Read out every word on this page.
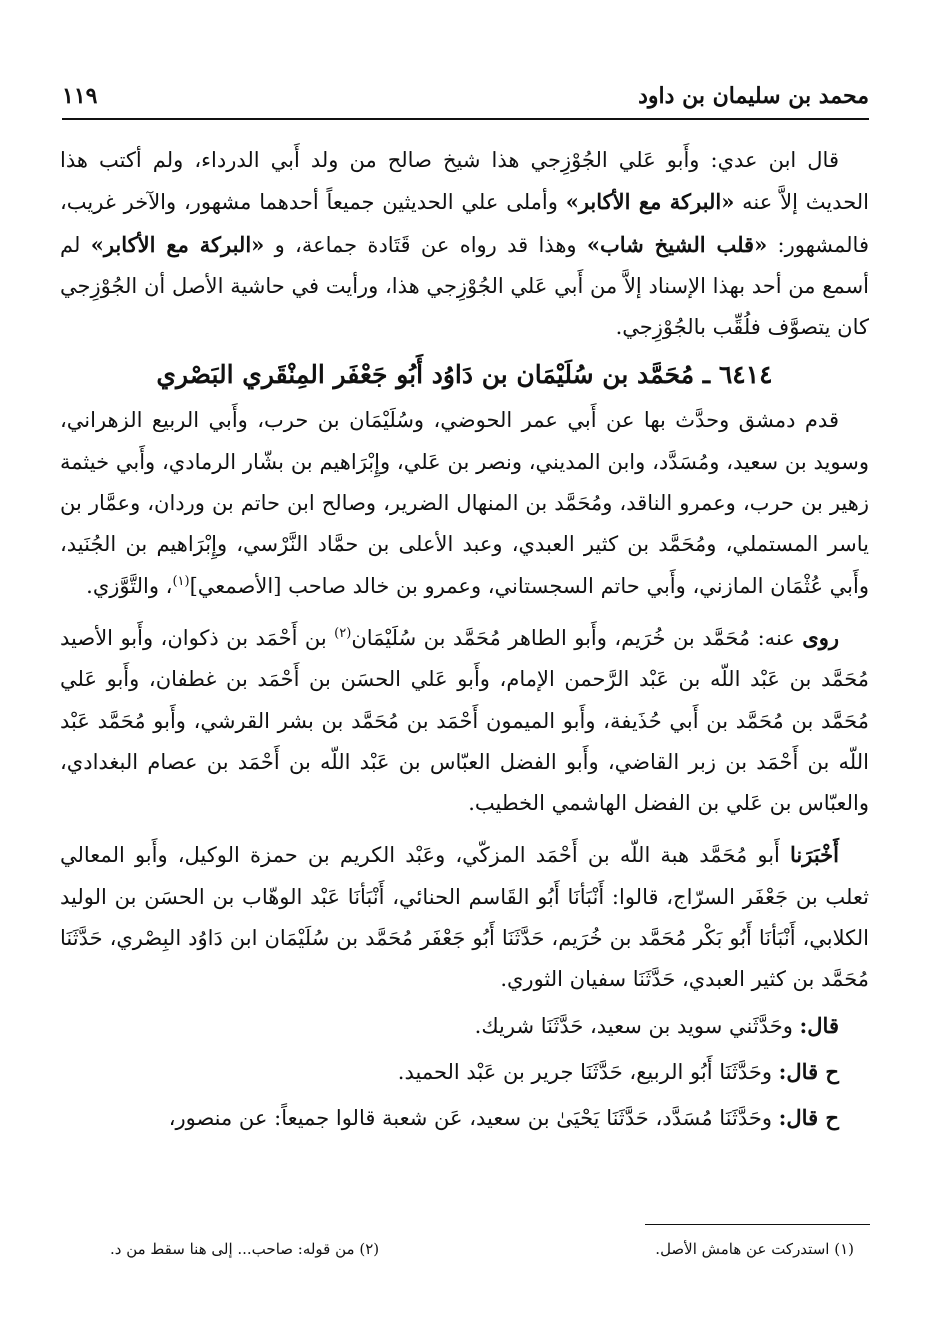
محمد بن سليمان بن داود
١١٩

قال ابن عدي: وأَبو عَلي الجُوْزِجي هذا شيخ صالح من ولد أَبي الدرداء، ولم أكتب هذا الحديث إلاَّ عنه «البركة مع الأكابر» وأملى علي الحديثين جميعاً أحدهما مشهور، والآخر غريب، فالمشهور: «قلب الشيخ شاب» وهذا قد رواه عن قَتَادة جماعة، و «البركة مع الأكابر» لم أسمع من أحد بهذا الإسناد إلاَّ من أَبي عَلي الجُوْزِجي هذا، ورأيت في حاشية الأصل أن الجُوْزِجي كان يتصوَّف فلُقِّب بالجُوْزِجي.

٦٤١٤ ـ مُحَمَّد بن سُلَيْمَان بن دَاوُد أَبُو جَعْفَر المِنْقَري البَصْري

قدم دمشق وحدَّث بها عن أَبي عمر الحوضي، وسُلَيْمَان بن حرب، وأَبي الربيع الزهراني، وسويد بن سعيد، ومُسَدَّد، وابن المديني، ونصر بن عَلي، وإِبْرَاهيم بن بشّار الرمادي، وأَبي خيثمة زهير بن حرب، وعمرو الناقد، ومُحَمَّد بن المنهال الضرير، وصالح ابن حاتم بن وردان، وعمَّار بن ياسر المستملي، ومُحَمَّد بن كثير العبدي، وعبد الأعلى بن حمَّاد النَّرْسي، وإِبْرَاهيم بن الجُنَيد، وأَبي عُثْمَان المازني، وأَبي حاتم السجستاني، وعمرو بن خالد صاحب [الأصمعي]$^{(١)}$، والتَّوَّزي.

روى عنه: مُحَمَّد بن خُرَيم، وأَبو الطاهر مُحَمَّد بن سُلَيْمَان$^{(٢)}$ بن أَحْمَد بن ذكوان، وأَبو الأصيد مُحَمَّد بن عَبْد اللّه بن عَبْد الرَّحمن الإمام، وأَبو عَلي الحسَن بن أَحْمَد بن غطفان، وأَبو عَلي مُحَمَّد بن مُحَمَّد بن أَبي حُذَيفة، وأَبو الميمون أَحْمَد بن مُحَمَّد بن بشر القرشي، وأَبو مُحَمَّد عَبْد اللّه بن أَحْمَد بن زبر القاضي، وأَبو الفضل العبّاس بن عَبْد اللّه بن أَحْمَد بن عصام البغدادي، والعبّاس بن عَلي بن الفضل الهاشمي الخطيب.

أَخْبَرَنا أَبو مُحَمَّد هبة اللّه بن أَحْمَد المزكّي، وعَبْد الكريم بن حمزة الوكيل، وأَبو المعالي ثعلب بن جَعْفَر السرّاج، قالوا: أَنْبَأنَا أَبُو القَاسم الحنائي، أَنْبَأنَا عَبْد الوهّاب بن الحسَن بن الوليد الكلابي، أَنْبَأنَا أَبُو بَكْر مُحَمَّد بن خُرَيم، حَدَّثَنَا أَبُو جَعْفَر مُحَمَّد بن سُلَيْمَان ابن دَاوُد البِصْري، حَدَّثَنَا مُحَمَّد بن كثير العبدي، حَدَّثَنَا سفيان الثوري.

قال: وحَدَّثَني سويد بن سعيد، حَدَّثَنَا شريك.
ح قال: وحَدَّثَنَا أَبُو الربيع، حَدَّثَنَا جرير بن عَبْد الحميد.
ح قال: وحَدَّثَنَا مُسَدَّد، حَدَّثَنَا يَحْيَىٰ بن سعيد، عَن شعبة قالوا جميعاً: عن منصور،
(١) استدركت عن هامش الأصل.
(٢) من قوله: صاحب... إلى هنا سقط من د.
